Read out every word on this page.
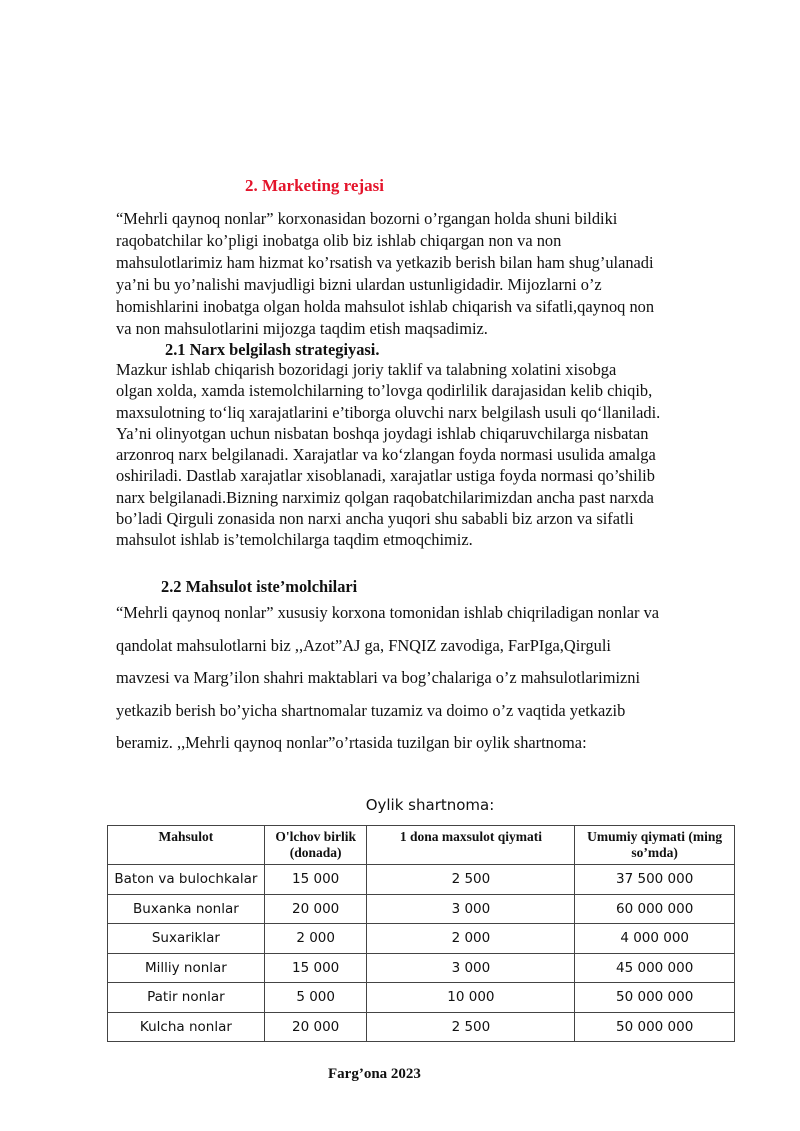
2. Marketing rejasi

“Mehrli qaynoq nonlar” korxonasidan bozorni o’rgangan holda shuni bildiki
raqobatchilar ko’pligi inobatga olib biz ishlab chiqargan non va non
mahsulotlarimiz ham hizmat ko’rsatish va yetkazib berish bilan ham shug’ulanadi
ya’ni bu yo’nalishi mavjudligi bizni ulardan ustunligidadir. Mijozlarni o’z
homishlarini inobatga olgan holda mahsulot ishlab chiqarish va sifatli,qaynoq non
va non mahsulotlarini mijozga taqdim etish maqsadimiz.

2.1 Narx belgilash strategiyasi.

Mazkur ishlab chiqarish bozoridagi joriy taklif va talabning xolatini xisobga
olgan xolda, xamda istemolchilarning to’lovga qodirlilik darajasidan kelib chiqib,
maxsulotning to‘liq xarajatlarini e’tiborga oluvchi narx belgilash usuli qo‘llaniladi.
Ya’ni olinyotgan uchun nisbatan boshqa joydagi ishlab chiqaruvchilarga nisbatan
arzonroq narx belgilanadi. Xarajatlar va ko‘zlangan foyda normasi usulida amalga
oshiriladi. Dastlab xarajatlar xisoblanadi, xarajatlar ustiga foyda normasi qo’shilib
narx belgilanadi.Bizning narximiz qolgan raqobatchilarimizdan ancha past narxda
bo’ladi Qirguli zonasida non narxi ancha yuqori shu sababli biz arzon va sifatli
mahsulot ishlab is’temolchilarga taqdim etmoqchimiz.

2.2 Mahsulot iste’molchilari

“Mehrli qaynoq nonlar” xususiy korxona tomonidan ishlab chiqriladigan nonlar va
qandolat mahsulotlarni biz ,,Azot”AJ ga, FNQIZ zavodiga, FarPIga,Qirguli
mavzesi va Marg’ilon shahri maktablari va bog’chalariga o’z mahsulotlarimizni
yetkazib berish bo’yicha shartnomalar tuzamiz va doimo o’z vaqtida yetkazib
beramiz. ,,Mehrli qaynoq nonlar”o’rtasida tuzilgan bir oylik shartnoma:

Oylik shartnoma:

Mahsulot	O'lchov birlik (donada)	1 dona maxsulot qiymati	Umumiy qiymati (ming so’mda)
Baton va bulochkalar	15 000	2 500	37 500 000
Buxanka nonlar	20 000	3 000	60 000 000
Suxariklar	2 000	2 000	4 000 000
Milliy nonlar	15 000	3 000	45 000 000
Patir nonlar	5 000	10 000	50 000 000
Kulcha nonlar	20 000	2 500	50 000 000

Farg’ona 2023
